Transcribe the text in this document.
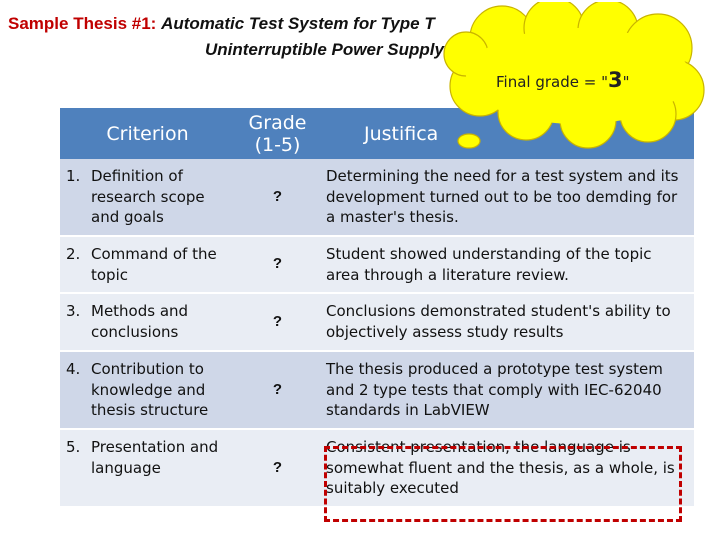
Sample Thesis #1: Automatic Test System for Type T
Uninterruptible Power Supply
Criterion	Grade (1-5)	Justifica

1. Definition of research scope and goals	?	Determining the need for a test system and its development turned out to be too demding for a master's thesis.

2. Command of the topic	?	Student showed understanding of the topic area through a literature review.

3. Methods and conclusions	?	Conclusions demonstrated student's ability to objectively assess study results

4. Contribution to knowledge and thesis structure	?	The thesis produced a prototype test system and 2 type tests that comply with IEC-62040 standards in LabVIEW

5. Presentation and language	?	Consistent presentation, the language is somewhat fluent and the thesis, as a whole, is suitably executed
Final grade = "3"
